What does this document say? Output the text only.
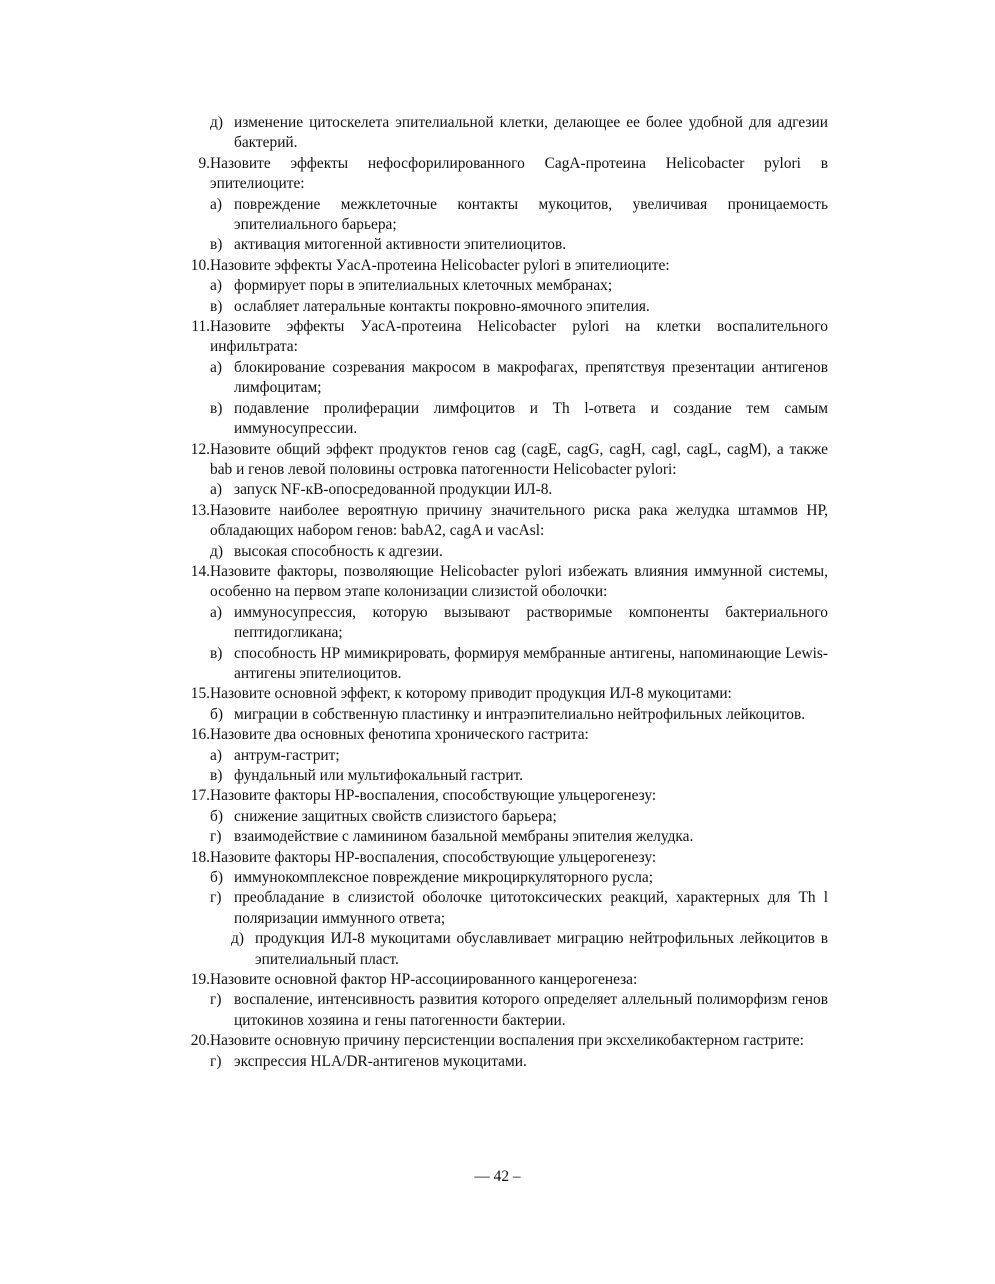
д) изменение цитоскелета эпителиальной клетки, делающее ее более удобной для адгезии бактерий.
9. Назовите эффекты нефосфорилированного CagA-протеина Helicobacter pylori в эпителиоците:
а) повреждение межклеточные контакты мукоцитов, увеличивая проницаемость эпителиального барьера;
в) активация митогенной активности эпителиоцитов.
10. Назовите эффекты УасА-протеина Helicobacter pylori в эпителиоците:
а) формирует поры в эпителиальных клеточных мембранах;
в) ослабляет латеральные контакты покровно-ямочного эпителия.
11. Назовите эффекты УасА-протеина Helicobacter pylori на клетки воспалительного инфильтрата:
а) блокирование созревания макросом в макрофагах, препятствуя презентации антигенов лимфоцитам;
в) подавление пролиферации лимфоцитов и Th l-ответа и создание тем самым иммуносупрессии.
12. Назовите общий эффект продуктов генов cag (cagE, cagG, cagH, cagl, cagL, cagM), а также bab и генов левой половины островка патогенности Helicobacter pylori:
а) запуск NF-кВ-опосредованной продукции ИЛ-8.
13. Назовите наиболее вероятную причину значительного риска рака желудка штаммов НР, обладающих набором генов: babA2, cagA и vacAsl:
д) высокая способность к адгезии.
14. Назовите факторы, позволяющие Helicobacter pylori избежать влияния иммунной системы, особенно на первом этапе колонизации слизистой оболочки:
а) иммуносупрессия, которую вызывают растворимые компоненты бактериального пептидогликана;
в) способность НР мимикрировать, формируя мембранные антигены, напоминающие Lewis-антигены эпителиоцитов.
15. Назовите основной эффект, к которому приводит продукция ИЛ-8 мукоцитами:
б) миграции в собственную пластинку и интраэпителиально нейтрофильных лейкоцитов.
16. Назовите два основных фенотипа хронического гастрита:
а) антрум-гастрит;
в) фундальный или мультифокальный гастрит.
17. Назовите факторы НР-воспаления, способствующие ульцерогенезу:
б) снижение защитных свойств слизистого барьера;
г) взаимодействие с ламинином базальной мембраны эпителия желудка.
18. Назовите факторы НР-воспаления, способствующие ульцерогенезу:
б) иммунокомплексное повреждение микроциркуляторного русла;
г) преобладание в слизистой оболочке цитотоксических реакций, характерных для Th l поляризации иммунного ответа;
д) продукция ИЛ-8 мукоцитами обуславливает миграцию нейтрофильных лейкоцитов в эпителиальный пласт.
19. Назовите основной фактор НР-ассоциированного канцерогенеза:
г) воспаление, интенсивность развития которого определяет аллельный полиморфизм генов цитокинов хозяина и гены патогенности бактерии.
20. Назовите основную причину персистенции воспаления при эксхеликобактерном гастрите:
г) экспрессия HLA/DR-антигенов мукоцитами.
— 42 –
